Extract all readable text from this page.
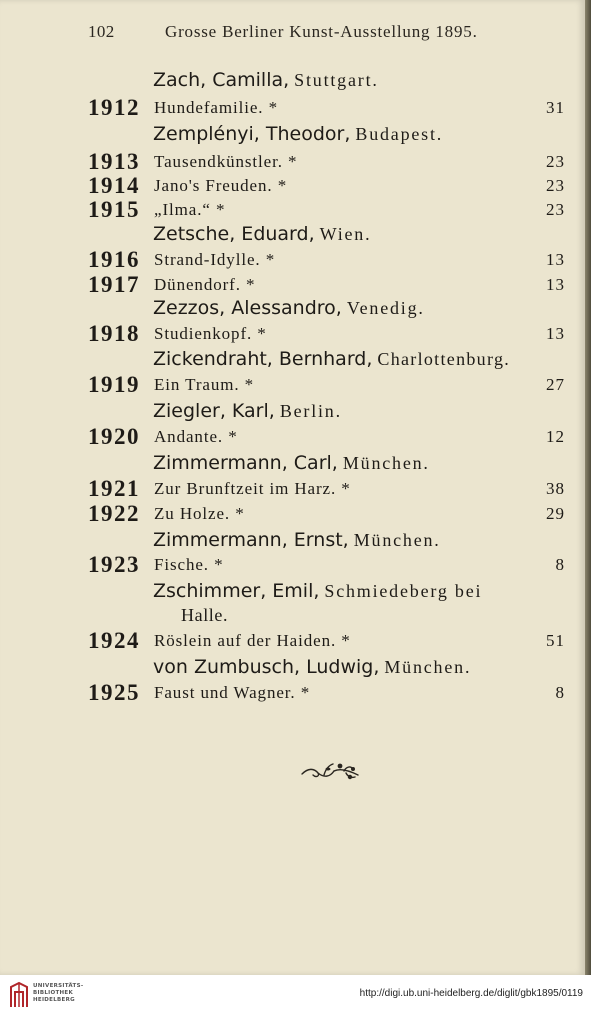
102	Grosse Berliner Kunst-Ausstellung 1895.
Zach, Camilla, Stuttgart.
1912 Hundefamilie. *	31
Zemplényi, Theodor, Budapest.
1913 Tausendkünstler. *	23
1914 Jano's Freuden. *	23
1915 „Ilma.“ *	23
Zetsche, Eduard, Wien.
1916 Strand-Idylle. *	13
1917 Dünendorf. *	13
Zezzos, Alessandro, Venedig.
1918 Studienkopf. *	13
Zickendraht, Bernhard, Charlottenburg.
1919 Ein Traum. *	27
Ziegler, Karl, Berlin.
1920 Andante. *	12
Zimmermann, Carl, München.
1921 Zur Brunftzeit im Harz. *	38
1922 Zu Holze. *	29
Zimmermann, Ernst, München.
1923 Fische. *	8
Zschimmer, Emil, Schmiedeberg bei
Halle.
1924 Röslein auf der Haiden. *	51
von Zumbusch, Ludwig, München.
1925 Faust und Wagner. *	8
UNIVERSITÄTS-
BIBLIOTHEK
HEIDELBERG
http://digi.ub.uni-heidelberg.de/diglit/gbk1895/0119
